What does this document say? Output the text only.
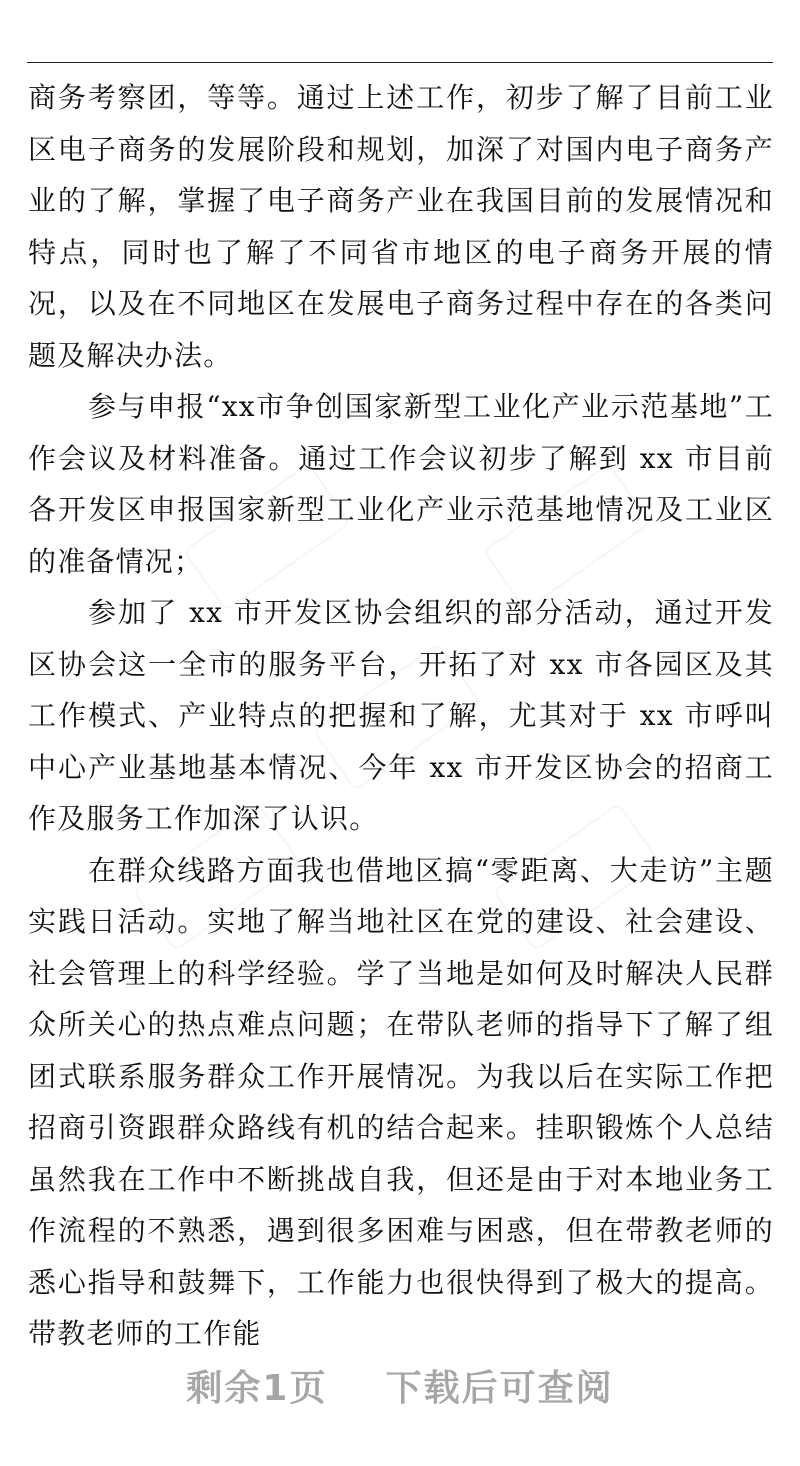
商务考察团，等等。通过上述工作，初步了解了目前工业区电子商务的发展阶段和规划，加深了对国内电子商务产业的了解，掌握了电子商务产业在我国目前的发展情况和特点，同时也了解了不同省市地区的电子商务开展的情况，以及在不同地区在发展电子商务过程中存在的各类问题及解决办法。

参与申报“xx市争创国家新型工业化产业示范基地”工作会议及材料准备。通过工作会议初步了解到 xx 市目前各开发区申报国家新型工业化产业示范基地情况及工业区的准备情况；

参加了 xx 市开发区协会组织的部分活动，通过开发区协会这一全市的服务平台，开拓了对 xx 市各园区及其工作模式、产业特点的把握和了解，尤其对于 xx 市呼叫中心产业基地基本情况、今年 xx 市开发区协会的招商工作及服务工作加深了认识。

在群众线路方面我也借地区搞“零距离、大走访”主题实践日活动。实地了解当地社区在党的建设、社会建设、社会管理上的科学经验。学了当地是如何及时解决人民群众所关心的热点难点问题；在带队老师的指导下了解了组团式联系服务群众工作开展情况。为我以后在实际工作把招商引资跟群众路线有机的结合起来。挂职锻炼个人总结虽然我在工作中不断挑战自我，但还是由于对本地业务工作流程的不熟悉，遇到很多困难与困惑，但在带教老师的悉心指导和鼓舞下，工作能力也很快得到了极大的提高。带教老师的工作能

剩余1页 下载后可查阅
